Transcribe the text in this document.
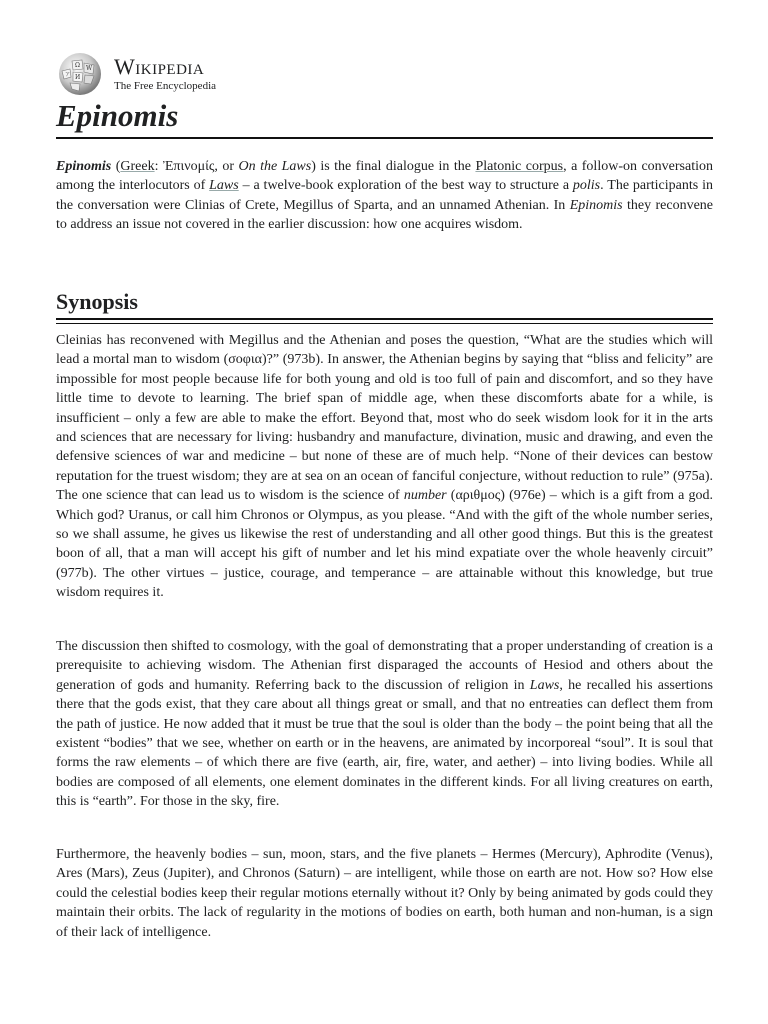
Ω W
И
ア Wikipedia
The Free Encyclopedia
Epinomis

Epinomis (Greek: Ἐπινομίς, or On the Laws) is the final dialogue in the Platonic corpus, a follow-on conversation among the interlocutors of Laws – a twelve-book exploration of the best way to structure a polis. The participants in the conversation were Clinias of Crete, Megillus of Sparta, and an unnamed Athenian. In Epinomis they reconvene to address an issue not covered in the earlier discussion: how one acquires wisdom.

Synopsis

Cleinias has reconvened with Megillus and the Athenian and poses the question, “What are the studies which will lead a mortal man to wisdom (σοφια)?” (973b). In answer, the Athenian begins by saying that “bliss and felicity” are impossible for most people because life for both young and old is too full of pain and discomfort, and so they have little time to devote to learning. The brief span of middle age, when these discomforts abate for a while, is insufficient – only a few are able to make the effort. Beyond that, most who do seek wisdom look for it in the arts and sciences that are necessary for living: husbandry and manufacture, divination, music and drawing, and even the defensive sciences of war and medicine – but none of these are of much help. “None of their devices can bestow reputation for the truest wisdom; they are at sea on an ocean of fanciful conjecture, without reduction to rule” (975a). The one science that can lead us to wisdom is the science of number (αριθμος) (976e) – which is a gift from a god. Which god? Uranus, or call him Chronos or Olympus, as you please. “And with the gift of the whole number series, so we shall assume, he gives us likewise the rest of understanding and all other good things. But this is the greatest boon of all, that a man will accept his gift of number and let his mind expatiate over the whole heavenly circuit” (977b). The other virtues – justice, courage, and temperance – are attainable without this knowledge, but true wisdom requires it.

The discussion then shifted to cosmology, with the goal of demonstrating that a proper understanding of creation is a prerequisite to achieving wisdom. The Athenian first disparaged the accounts of Hesiod and others about the generation of gods and humanity. Referring back to the discussion of religion in Laws, he recalled his assertions there that the gods exist, that they care about all things great or small, and that no entreaties can deflect them from the path of justice. He now added that it must be true that the soul is older than the body – the point being that all the existent “bodies” that we see, whether on earth or in the heavens, are animated by incorporeal “soul”. It is soul that forms the raw elements – of which there are five (earth, air, fire, water, and aether) – into living bodies. While all bodies are composed of all elements, one element dominates in the different kinds. For all living creatures on earth, this is “earth”. For those in the sky, fire.

Furthermore, the heavenly bodies – sun, moon, stars, and the five planets – Hermes (Mercury), Aphrodite (Venus), Ares (Mars), Zeus (Jupiter), and Chronos (Saturn) – are intelligent, while those on earth are not. How so? How else could the celestial bodies keep their regular motions eternally without it? Only by being animated by gods could they maintain their orbits. The lack of regularity in the motions of bodies on earth, both human and non-human, is a sign of their lack of intelligence.
